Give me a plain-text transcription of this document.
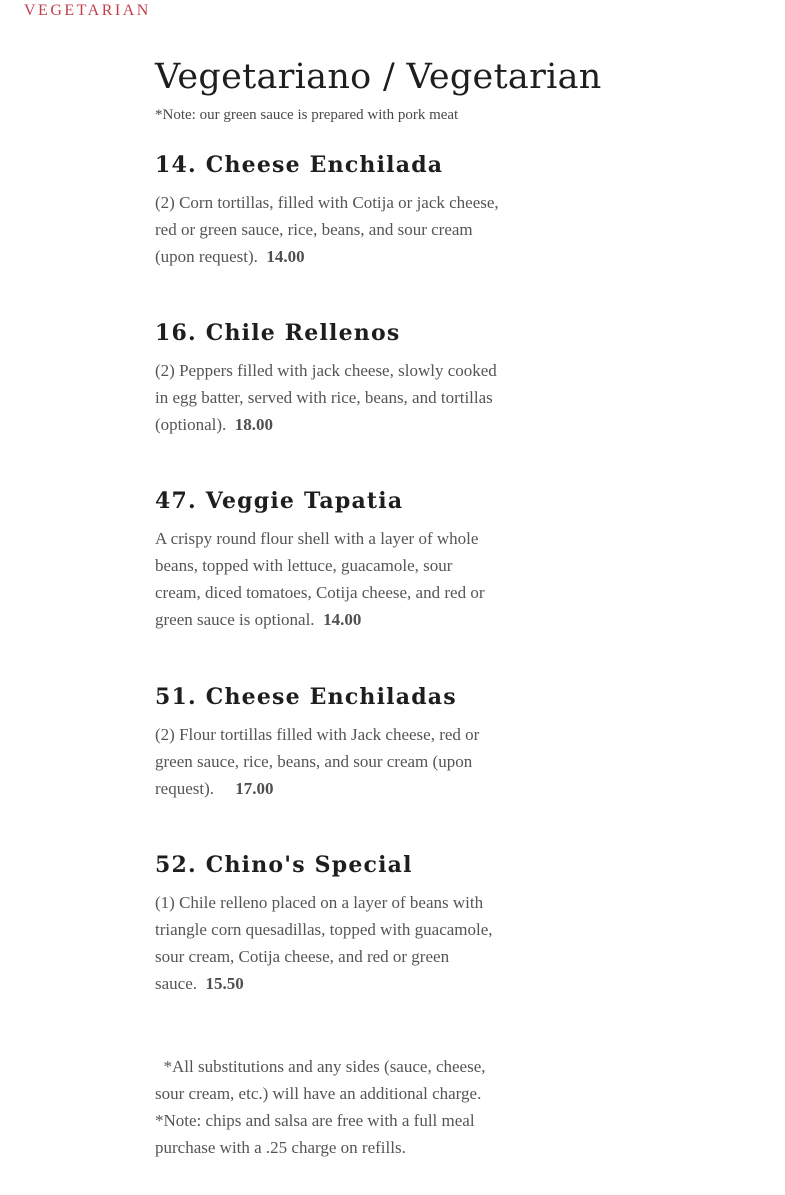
VEGETARIAN
Vegetariano / Vegetarian
*Note: our green sauce is prepared with pork meat
14. Cheese Enchilada
(2) Corn tortillas, filled with Cotija or jack cheese, red or green sauce, rice, beans, and sour cream (upon request). 14.00
16. Chile Rellenos
(2) Peppers filled with jack cheese, slowly cooked in egg batter, served with rice, beans, and tortillas (optional). 18.00
47. Veggie Tapatia
A crispy round flour shell with a layer of whole beans, topped with lettuce, guacamole, sour cream, diced tomatoes, Cotija cheese, and red or green sauce is optional. 14.00
51. Cheese Enchiladas
(2) Flour tortillas filled with Jack cheese, red or green sauce, rice, beans, and sour cream (upon request). 17.00
52. Chino's Special
(1) Chile relleno placed on a layer of beans with triangle corn quesadillas, topped with guacamole, sour cream, Cotija cheese, and red or green sauce. 15.50
*All substitutions and any sides (sauce, cheese, sour cream, etc.) will have an additional charge. *Note: chips and salsa are free with a full meal purchase with a .25 charge on refills.
